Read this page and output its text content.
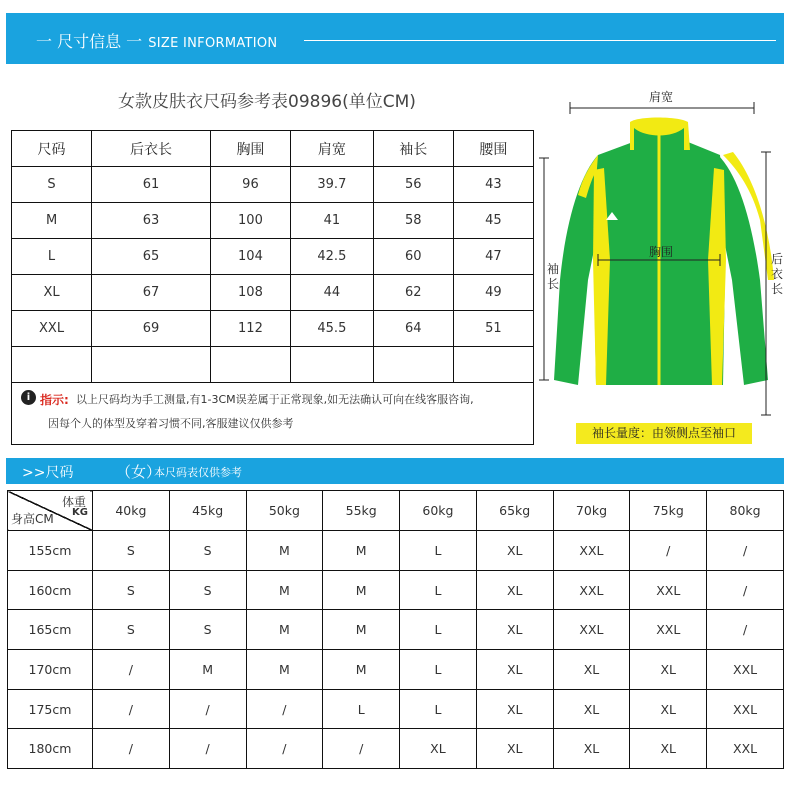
一 尺寸信息 一 SIZE INFORMATION
女款皮肤衣尺码参考表09896(单位CM)
尺码	后衣长	胸围	肩宽	袖长	腰围
S	61	96	39.7	56	43
M	63	100	41	58	45
L	65	104	42.5	60	47
XL	67	108	44	62	49
XXL	69	112	45.5	64	51

i 指示: 以上尺码均为手工测量,有1-3CM误差属于正常现象,如无法确认可向在线客服咨询,
因每个人的体型及穿着习惯不同,客服建议仅供参考
肩宽
胸围
袖长
后衣长
袖长量度：由领侧点至袖口
>>尺码	（女）
本尺码表仅供参考
体重
KG
身高CM	40kg	45kg	50kg	55kg	60kg	65kg	70kg	75kg	80kg
155cm	S	S	M	M	L	XL	XXL	/	/
160cm	S	S	M	M	L	XL	XXL	XXL	/
165cm	S	S	M	M	L	XL	XXL	XXL	/
170cm	/	M	M	M	L	XL	XL	XL	XXL
175cm	/	/	/	L	L	XL	XL	XL	XXL
180cm	/	/	/	/	XL	XL	XL	XL	XXL
